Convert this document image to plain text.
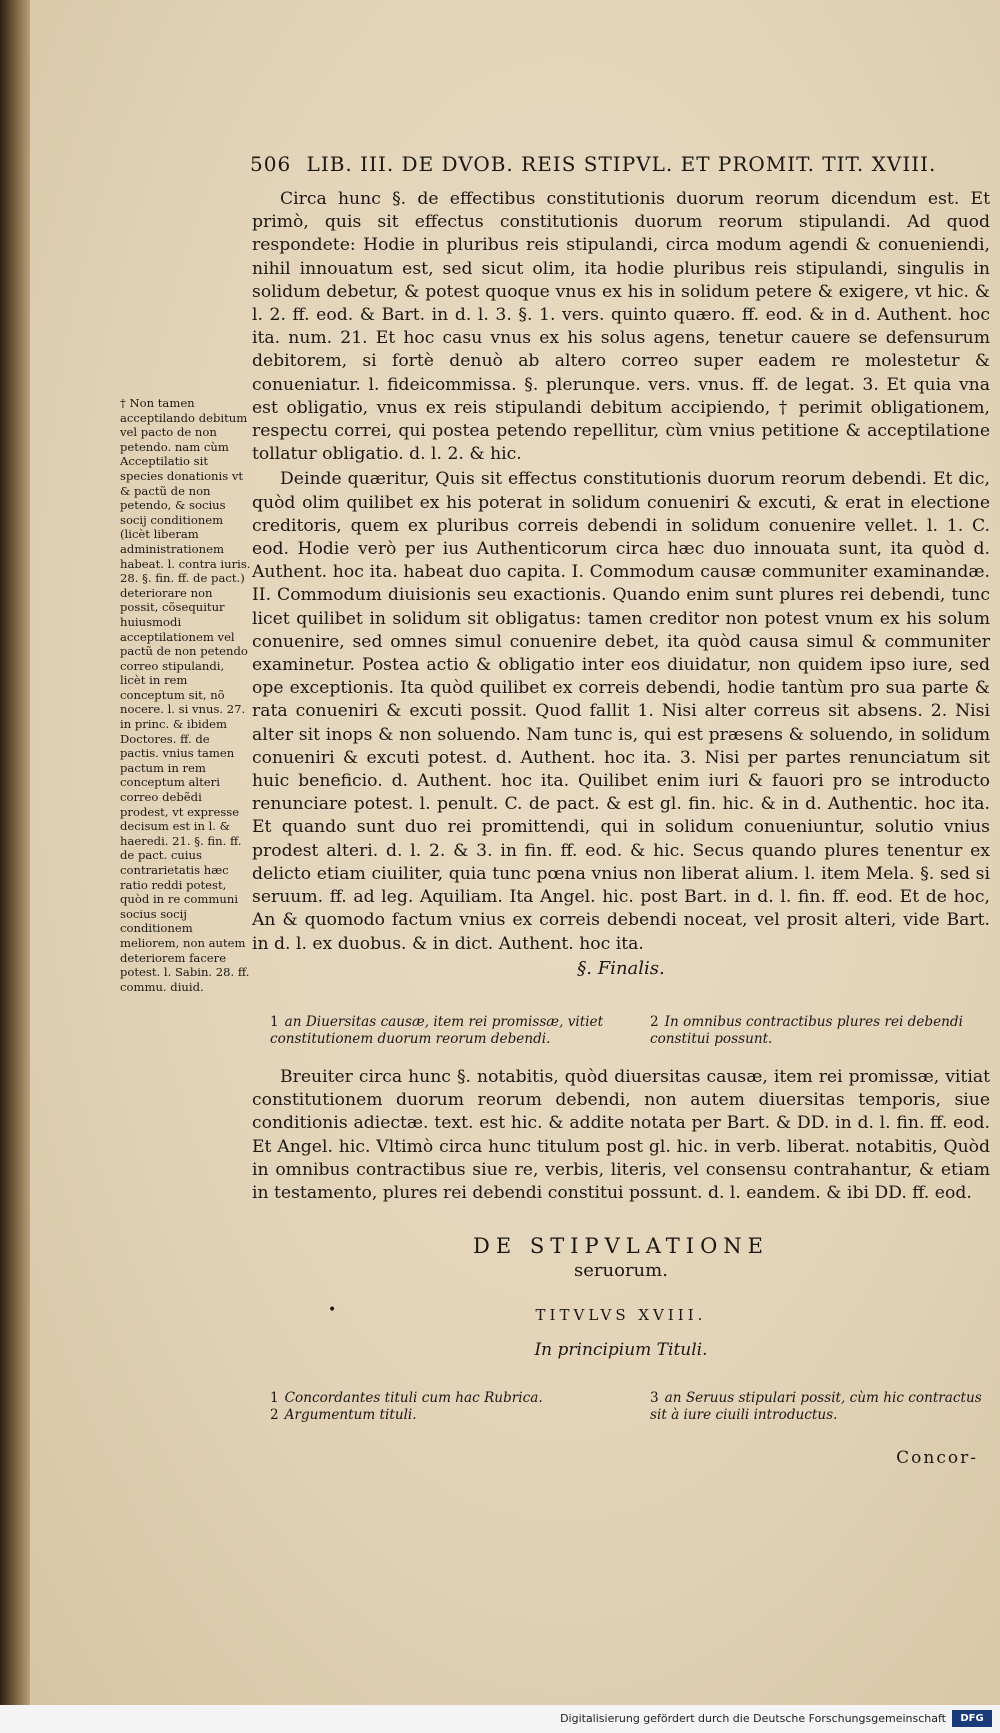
506 LIB. III. DE DVOB. REIS STIPVL. ET PROMIT. TIT. XVIII.

Circa hunc §. de effectibus constitutionis duorum reorum dicendum est. Et primò, quis sit effectus constitutionis duorum reorum stipulandi. Ad quod respondete: Hodie in pluribus reis stipulandi, circa modum agendi & conueniendi, nihil innouatum est, sed sicut olim, ita hodie pluribus reis stipulandi, singulis in solidum debetur, & potest quoque vnus ex his in solidum petere & exigere, vt hic. & l. 2. ff. eod. & Bart. in d. l. 3. §. 1. vers. quinto quæro. ff. eod. & in d. Authent. hoc ita. num. 21. Et hoc casu vnus ex his solus agens, tenetur cauere se defensurum debitorem, si fortè denuò ab altero correo super eadem re molestetur & conueniatur. l. fideicommissa. §. plerunque. vers. vnus. ff. de legat. 3. Et quia vna est obligatio, vnus ex reis stipulandi debitum accipiendo, † perimit obligationem, respectu correi, qui postea petendo repellitur, cùm vnius petitione & acceptilatione tollatur obligatio. d. l. 2. & hic.

Deinde quæritur, Quis sit effectus constitutionis duorum reorum debendi. Et dic, quòd olim quilibet ex his poterat in solidum conueniri & excuti, & erat in electione creditoris, quem ex pluribus correis debendi in solidum conuenire vellet. l. 1. C. eod. Hodie verò per ius Authenticorum circa hæc duo innouata sunt, ita quòd d. Authent. hoc ita. habeat duo capita. I. Commodum causæ communiter examinandæ. II. Commodum diuisionis seu exactionis. Quando enim sunt plures rei debendi, tunc licet quilibet in solidum sit obligatus: tamen creditor non potest vnum ex his solum conuenire, sed omnes simul conuenire debet, ita quòd causa simul & communiter examinetur. Postea actio & obligatio inter eos diuidatur, non quidem ipso iure, sed ope exceptionis. Ita quòd quilibet ex correis debendi, hodie tantùm pro sua parte & rata conueniri & excuti possit. Quod fallit 1. Nisi alter correus sit absens. 2. Nisi alter sit inops & non soluendo. Nam tunc is, qui est præsens & soluendo, in solidum conueniri & excuti potest. d. Authent. hoc ita. 3. Nisi per partes renunciatum sit huic beneficio. d. Authent. hoc ita. Quilibet enim iuri & fauori pro se introducto renunciare potest. l. penult. C. de pact. & est gl. fin. hic. & in d. Authentic. hoc ita. Et quando sunt duo rei promittendi, qui in solidum conueniuntur, solutio vnius prodest alteri. d. l. 2. & 3. in fin. ff. eod. & hic. Secus quando plures tenentur ex delicto etiam ciuiliter, quia tunc pœna vnius non liberat alium. l. item Mela. §. sed si seruum. ff. ad leg. Aquiliam. Ita Angel. hic. post Bart. in d. l. fin. ff. eod. Et de hoc, An & quomodo factum vnius ex correis debendi noceat, vel prosit alteri, vide Bart. in d. l. ex duobus. & in dict. Authent. hoc ita.

† Non tamen acceptilando debitum vel pacto de non petendo. nam cùm Acceptilatio sit species donationis vt & pactũ de non petendo, & socius socij conditionem (licèt liberam administrationem habeat. l. contra iuris. 28. §. fin. ff. de pact.) deteriorare non possit, cõsequitur huiusmodi acceptilationem vel pactũ de non petendo correo stipulandi, licèt in rem conceptum sit, nõ nocere. l. si vnus. 27. in princ. & ibidem Doctores. ff. de pactis. vnius tamen pactum in rem conceptum alteri correo debẽdi prodest, vt expresse decisum est in l. & haeredi. 21. §. fin. ff. de pact. cuius contrarietatis hæc ratio reddi potest, quòd in re communi socius socij conditionem meliorem, non autem deteriorem facere potest. l. Sabin. 28. ff. commu. diuid.
§. Finalis.
1 an Diuersitas causæ, item rei promissæ, vitiet constitutionem duorum reorum debendi.
2 In omnibus contractibus plures rei debendi constitui possunt.

Breuiter circa hunc §. notabitis, quòd diuersitas causæ, item rei promissæ, vitiat constitutionem duorum reorum debendi, non autem diuersitas temporis, siue conditionis adiectæ. text. est hic. & addite notata per Bart. & DD. in d. l. fin. ff. eod. Et Angel. hic. Vltimò circa hunc titulum post gl. hic. in verb. liberat. notabitis, Quòd in omnibus contractibus siue re, verbis, literis, vel consensu contrahantur, & etiam in testamento, plures rei debendi constitui possunt. d. l. eandem. & ibi DD. ff. eod.

DE STIPVLATIONE
seruorum.
•	TITVLVS XVIII.
In principium Tituli.
1 Concordantes tituli cum hac Rubrica.
2 Argumentum tituli.
3 an Seruus stipulari possit, cùm hic contractus sit à iure ciuili introductus.
Concor-
Digitalisierung gefördert durch die Deutsche Forschungsgemeinschaft	DFG
